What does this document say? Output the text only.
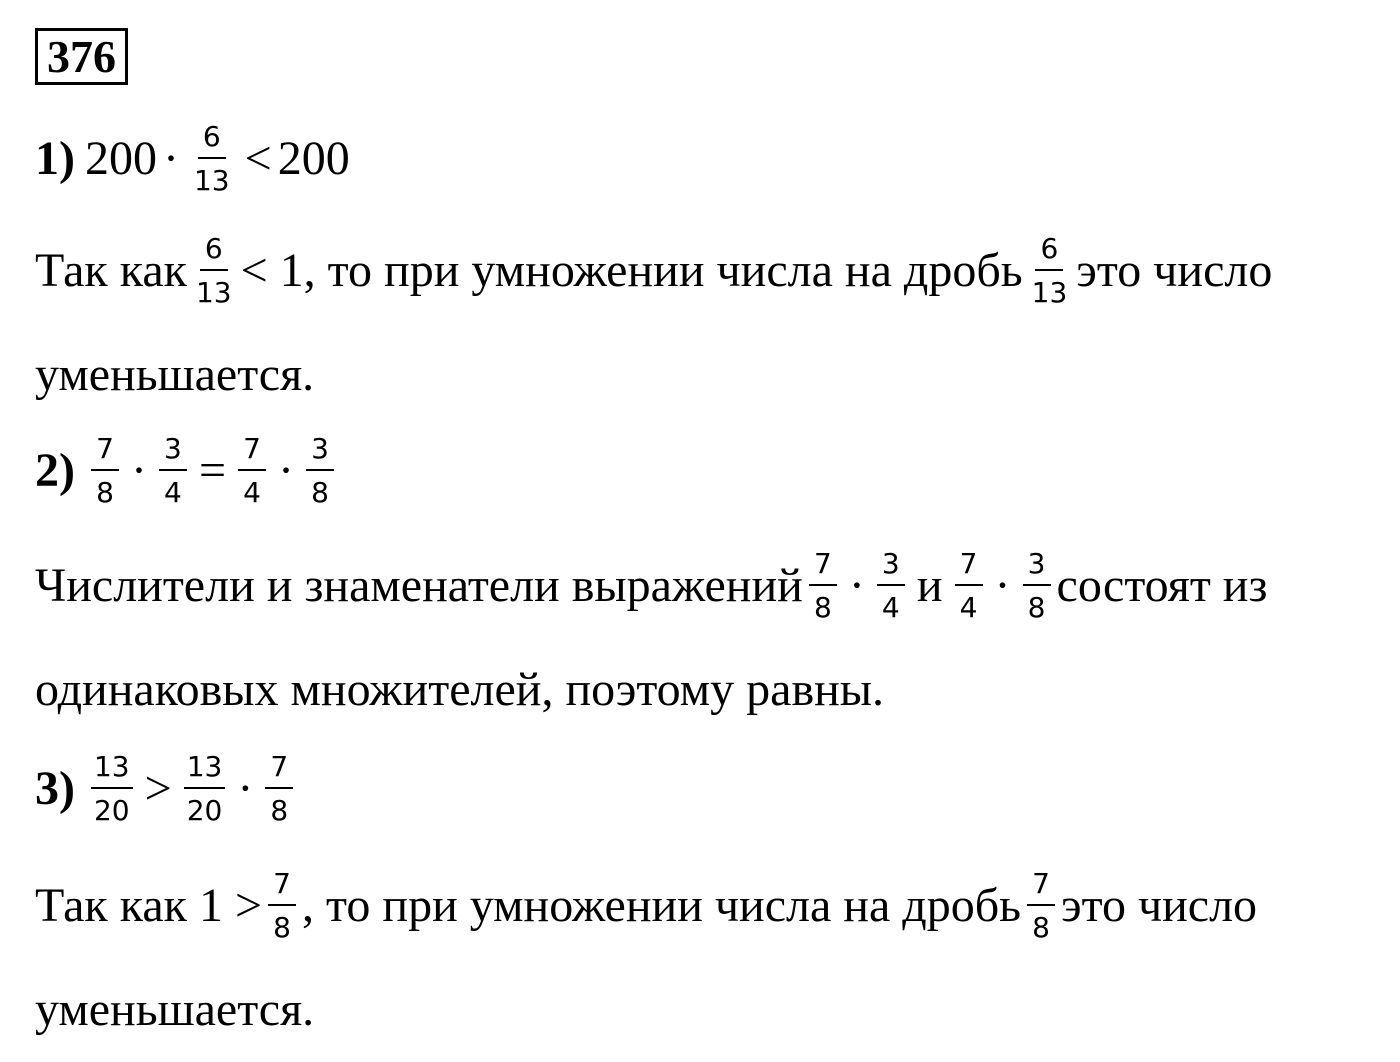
376
1) $200 \cdot \frac{6}{13} < 200$
Так как $\frac{6}{13} < 1$, то при умножении числа на дробь $\frac{6}{13}$ это число
уменьшается.
$2) \frac{7}{8} \cdot \frac{3}{4} = \frac{7}{4} \cdot \frac{3}{8}$
Числители и знаменатели выражений $\frac{7}{8} \cdot \frac{3}{4}$ и $\frac{7}{4} \cdot \frac{3}{8}$ состоят из
одинаковых множителей, поэтому равны.
$3) \frac{13}{20} > \frac{13}{20} \cdot \frac{7}{8}$
Так как $1 > \frac{7}{8}$ , то при умножении числа на дробь $\frac{7}{8}$ это число
уменьшается.
